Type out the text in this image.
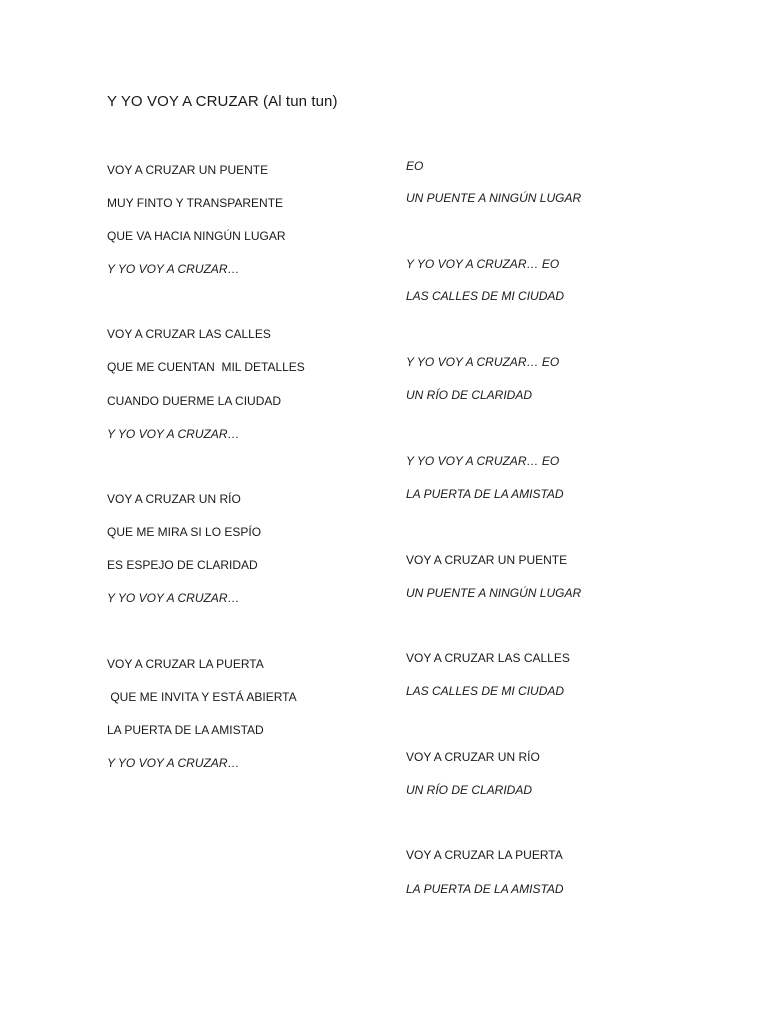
Y YO VOY A CRUZAR (Al tun tun)
VOY A CRUZAR UN PUENTE
MUY FINTO Y TRANSPARENTE
QUE VA HACIA NINGÚN LUGAR
Y YO VOY A CRUZAR…
VOY A CRUZAR LAS CALLES
QUE ME CUENTAN  MIL DETALLES
CUANDO DUERME LA CIUDAD
Y YO VOY A CRUZAR…
VOY A CRUZAR UN RÍO
QUE ME MIRA SI LO ESPÍO
ES ESPEJO DE CLARIDAD
Y YO VOY A CRUZAR…
VOY A CRUZAR LA PUERTA
QUE ME INVITA Y ESTÁ ABIERTA
LA PUERTA DE LA AMISTAD
Y YO VOY A CRUZAR…
EO
UN PUENTE A NINGÚN LUGAR
Y YO VOY A CRUZAR… EO
LAS CALLES DE MI CIUDAD
Y YO VOY A CRUZAR… EO
UN RÍO DE CLARIDAD
Y YO VOY A CRUZAR… EO
LA PUERTA DE LA AMISTAD
VOY A CRUZAR UN PUENTE
UN PUENTE A NINGÚN LUGAR
VOY A CRUZAR LAS CALLES
LAS CALLES DE MI CIUDAD
VOY A CRUZAR UN RÍO
UN RÍO DE CLARIDAD
VOY A CRUZAR LA PUERTA
LA PUERTA DE LA AMISTAD
